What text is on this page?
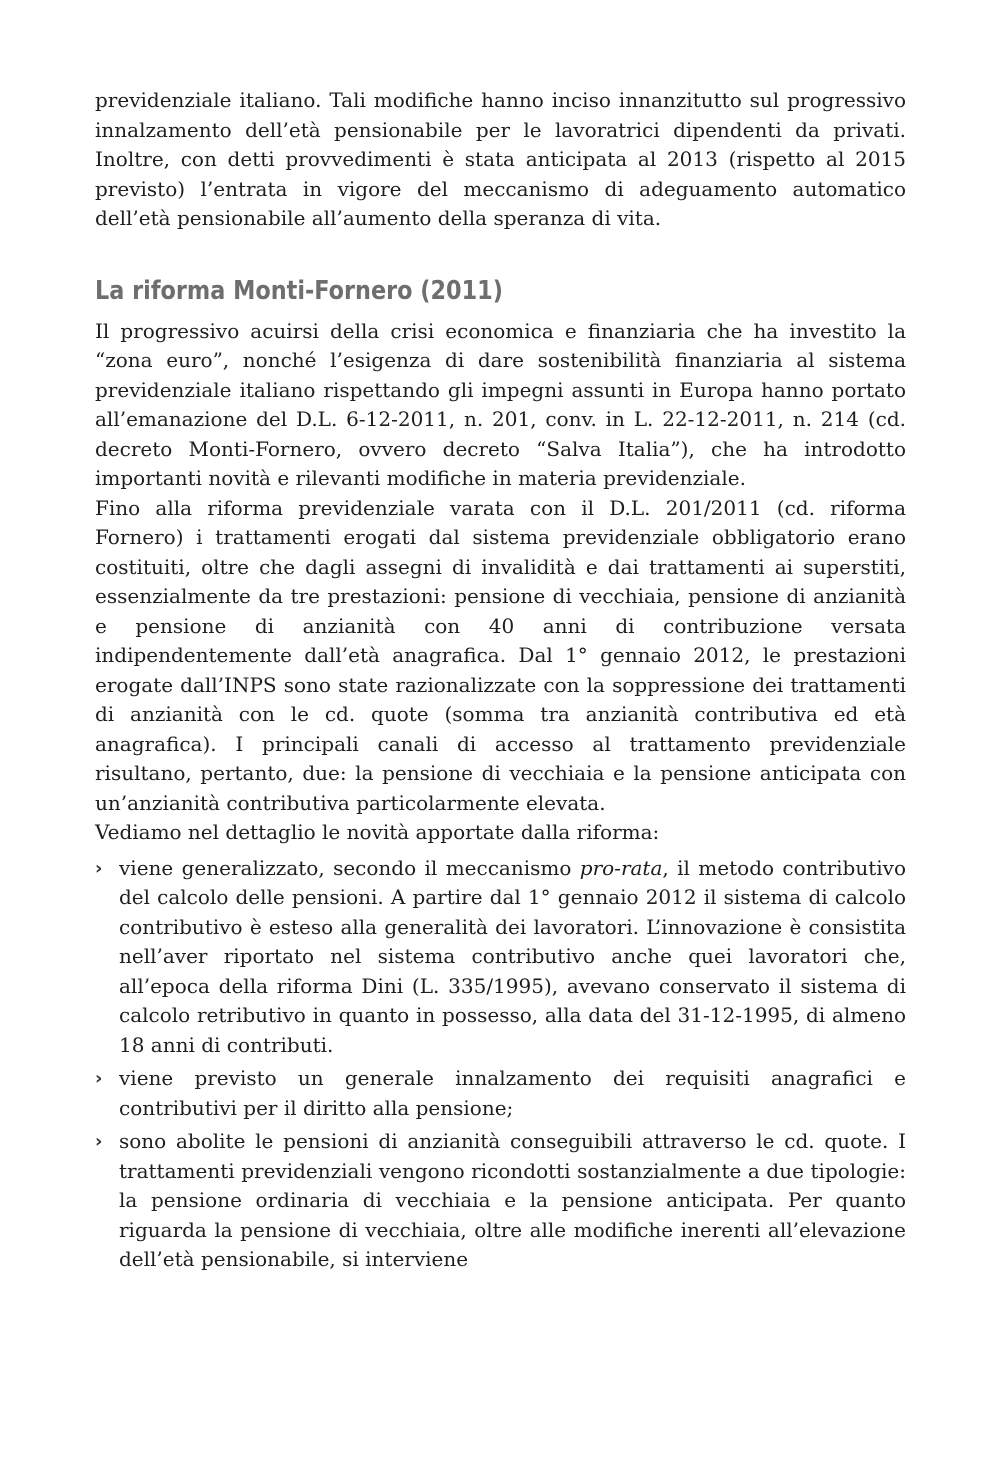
previdenziale italiano. Tali modifiche hanno inciso innanzitutto sul progressivo innalzamento dell’età pensionabile per le lavoratrici dipendenti da privati. Inoltre, con detti provvedimenti è stata anticipata al 2013 (rispetto al 2015 previsto) l’entrata in vigore del meccanismo di adeguamento automatico dell’età pensionabile all’aumento della speranza di vita.

La riforma Monti-Fornero (2011)

Il progressivo acuirsi della crisi economica e finanziaria che ha investito la “zona euro”, nonché l’esigenza di dare sostenibilità finanziaria al sistema previdenziale italiano rispettando gli impegni assunti in Europa hanno portato all’emanazione del D.L. 6-12-2011, n. 201, conv. in L. 22-12-2011, n. 214 (cd. decreto Monti-Fornero, ovvero decreto “Salva Italia”), che ha introdotto importanti novità e rilevanti modifiche in materia previdenziale.

Fino alla riforma previdenziale varata con il D.L. 201/2011 (cd. riforma Fornero) i trattamenti erogati dal sistema previdenziale obbligatorio erano costituiti, oltre che dagli assegni di invalidità e dai trattamenti ai superstiti, essenzialmente da tre prestazioni: pensione di vecchiaia, pensione di anzianità e pensione di anzianità con 40 anni di contribuzione versata indipendentemente dall’età anagrafica. Dal 1° gennaio 2012, le prestazioni erogate dall’INPS sono state razionalizzate con la soppressione dei trattamenti di anzianità con le cd. quote (somma tra anzianità contributiva ed età anagrafica). I principali canali di accesso al trattamento previdenziale risultano, pertanto, due: la pensione di vecchiaia e la pensione anticipata con un’anzianità contributiva particolarmente elevata.

Vediamo nel dettaglio le novità apportate dalla riforma:

› viene generalizzato, secondo il meccanismo pro-rata, il metodo contributivo del calcolo delle pensioni. A partire dal 1° gennaio 2012 il sistema di calcolo contributivo è esteso alla generalità dei lavoratori. L’innovazione è consistita nell’aver riportato nel sistema contributivo anche quei lavoratori che, all’epoca della riforma Dini (L. 335/1995), avevano conservato il sistema di calcolo retributivo in quanto in possesso, alla data del 31-12-1995, di almeno 18 anni di contributi.
› viene previsto un generale innalzamento dei requisiti anagrafici e contributivi per il diritto alla pensione;
› sono abolite le pensioni di anzianità conseguibili attraverso le cd. quote. I trattamenti previdenziali vengono ricondotti sostanzialmente a due tipologie: la pensione ordinaria di vecchiaia e la pensione anticipata. Per quanto riguarda la pensione di vecchiaia, oltre alle modifiche inerenti all’elevazione dell’età pensionabile, si interviene
